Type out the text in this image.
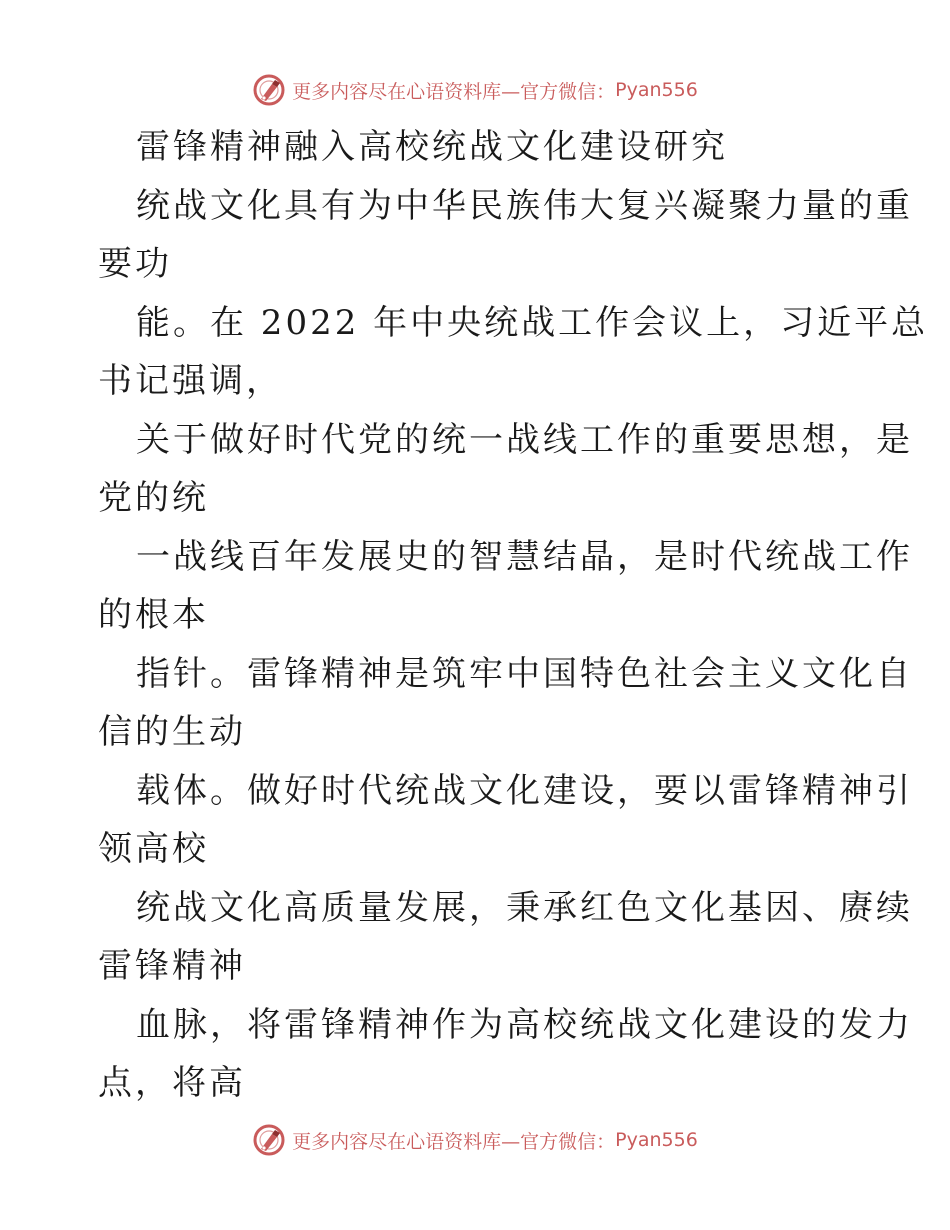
更多内容尽在心语资料库—官方微信： Pyan556
雷锋精神融入高校统战文化建设研究
统战文化具有为中华民族伟大复兴凝聚力量的重
要功
能。在 2022 年中央统战工作会议上，习近平总
书记强调，
关于做好时代党的统一战线工作的重要思想，是
党的统
一战线百年发展史的智慧结晶，是时代统战工作
的根本
指针。雷锋精神是筑牢中国特色社会主义文化自
信的生动
载体。做好时代统战文化建设，要以雷锋精神引
领高校
统战文化高质量发展，秉承红色文化基因、赓续
雷锋精神
血脉，将雷锋精神作为高校统战文化建设的发力
点，将高
更多内容尽在心语资料库—官方微信： Pyan556
